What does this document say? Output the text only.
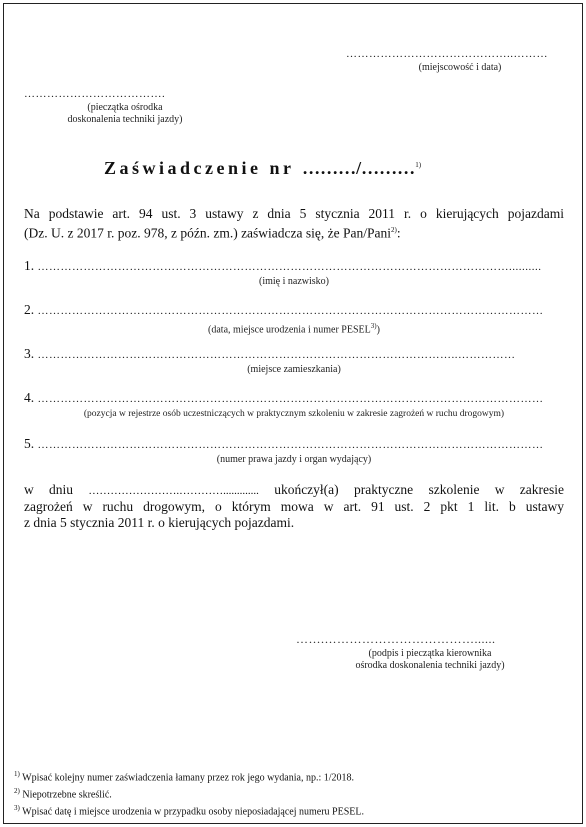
……………………………………..………
(miejscowość i data)
……………………………….
(pieczątka ośrodka
doskonalenia techniki jazdy)
Zaświadczenie nr ………/………$^{1)}$
Na podstawie art. 94 ust. 3 ustawy z dnia 5 stycznia 2011 r. o kierujących pojazdami
(Dz. U. z 2017 r. poz. 978, z późn. zm.) zaświadcza się, że Pan/Pani$^{2)}$:
1. ……………………………………………………………………………………………………………..........
(imię i nazwisko)
2. ……………………………………………………………………………………………………………………
(data, miejsce urodzenia i numer PESEL$^{3)}$)
3. ………………………………………………………………………………………………..……………
(miejsce zamieszkania)
4. ……………………………………………………………………………………………………………………
(pozycja w rejestrze osób uczestniczących w praktycznym szkoleniu w zakresie zagrożeń w ruchu drogowym)
5. ……………………………………………………………………………………………………………………
(numer prawa jazdy i organ wydający)
w dniu …………………….…………............. ukończył(a) praktyczne szkolenie w zakresie
zagrożeń w ruchu drogowym, o którym mowa w art. 91 ust. 2 pkt 1 lit. b ustawy
z dnia 5 stycznia 2011 r. o kierujących pojazdami.
…….………………………………......
(podpis i pieczątka kierownika
ośrodka doskonalenia techniki jazdy)
$^{1)}$ Wpisać kolejny numer zaświadczenia łamany przez rok jego wydania, np.: 1/2018.
$^{2)}$ Niepotrzebne skreślić.
$^{3)}$ Wpisać datę i miejsce urodzenia w przypadku osoby nieposiadającej numeru PESEL.
